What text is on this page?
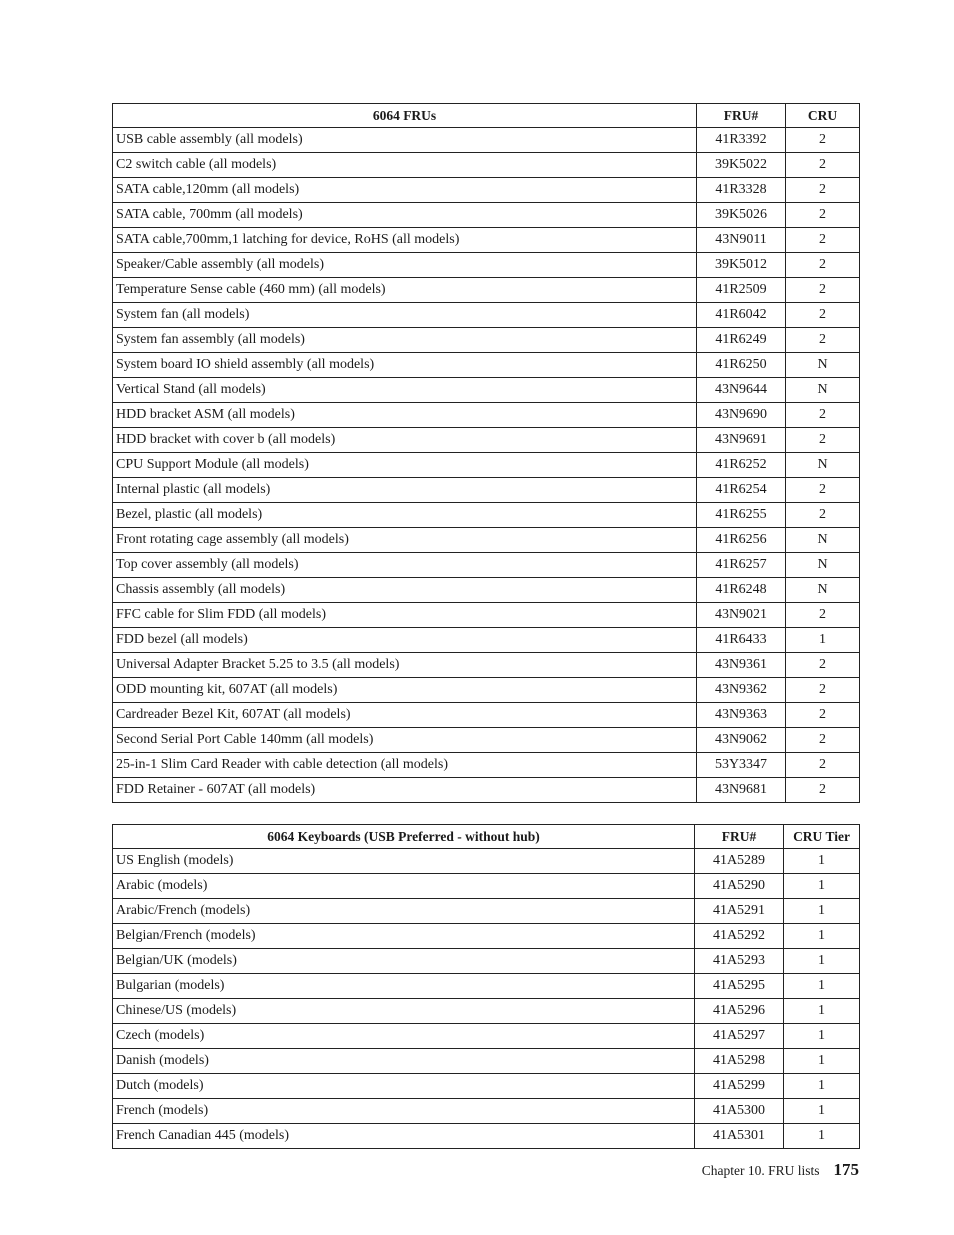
6064 FRUs	FRU#	CRU
USB cable assembly (all models)	41R3392	2
C2 switch cable (all models)	39K5022	2
SATA cable,120mm (all models)	41R3328	2
SATA cable, 700mm (all models)	39K5026	2
SATA cable,700mm,1 latching for device, RoHS (all models)	43N9011	2
Speaker/Cable assembly (all models)	39K5012	2
Temperature Sense cable (460 mm) (all models)	41R2509	2
System fan (all models)	41R6042	2
System fan assembly (all models)	41R6249	2
System board IO shield assembly (all models)	41R6250	N
Vertical Stand (all models)	43N9644	N
HDD bracket ASM (all models)	43N9690	2
HDD bracket with cover b (all models)	43N9691	2
CPU Support Module (all models)	41R6252	N
Internal plastic (all models)	41R6254	2
Bezel, plastic (all models)	41R6255	2
Front rotating cage assembly (all models)	41R6256	N
Top cover assembly (all models)	41R6257	N
Chassis assembly (all models)	41R6248	N
FFC cable for Slim FDD (all models)	43N9021	2
FDD bezel (all models)	41R6433	1
Universal Adapter Bracket 5.25 to 3.5 (all models)	43N9361	2
ODD mounting kit, 607AT (all models)	43N9362	2
Cardreader Bezel Kit, 607AT (all models)	43N9363	2
Second Serial Port Cable 140mm (all models)	43N9062	2
25-in-1 Slim Card Reader with cable detection (all models)	53Y3347	2
FDD Retainer - 607AT (all models)	43N9681	2
6064 Keyboards (USB Preferred - without hub)	FRU#	CRU Tier
US English (models)	41A5289	1
Arabic (models)	41A5290	1
Arabic/French (models)	41A5291	1
Belgian/French (models)	41A5292	1
Belgian/UK (models)	41A5293	1
Bulgarian (models)	41A5295	1
Chinese/US (models)	41A5296	1
Czech (models)	41A5297	1
Danish (models)	41A5298	1
Dutch (models)	41A5299	1
French (models)	41A5300	1
French Canadian 445 (models)	41A5301	1
Chapter 10. FRU lists 175
